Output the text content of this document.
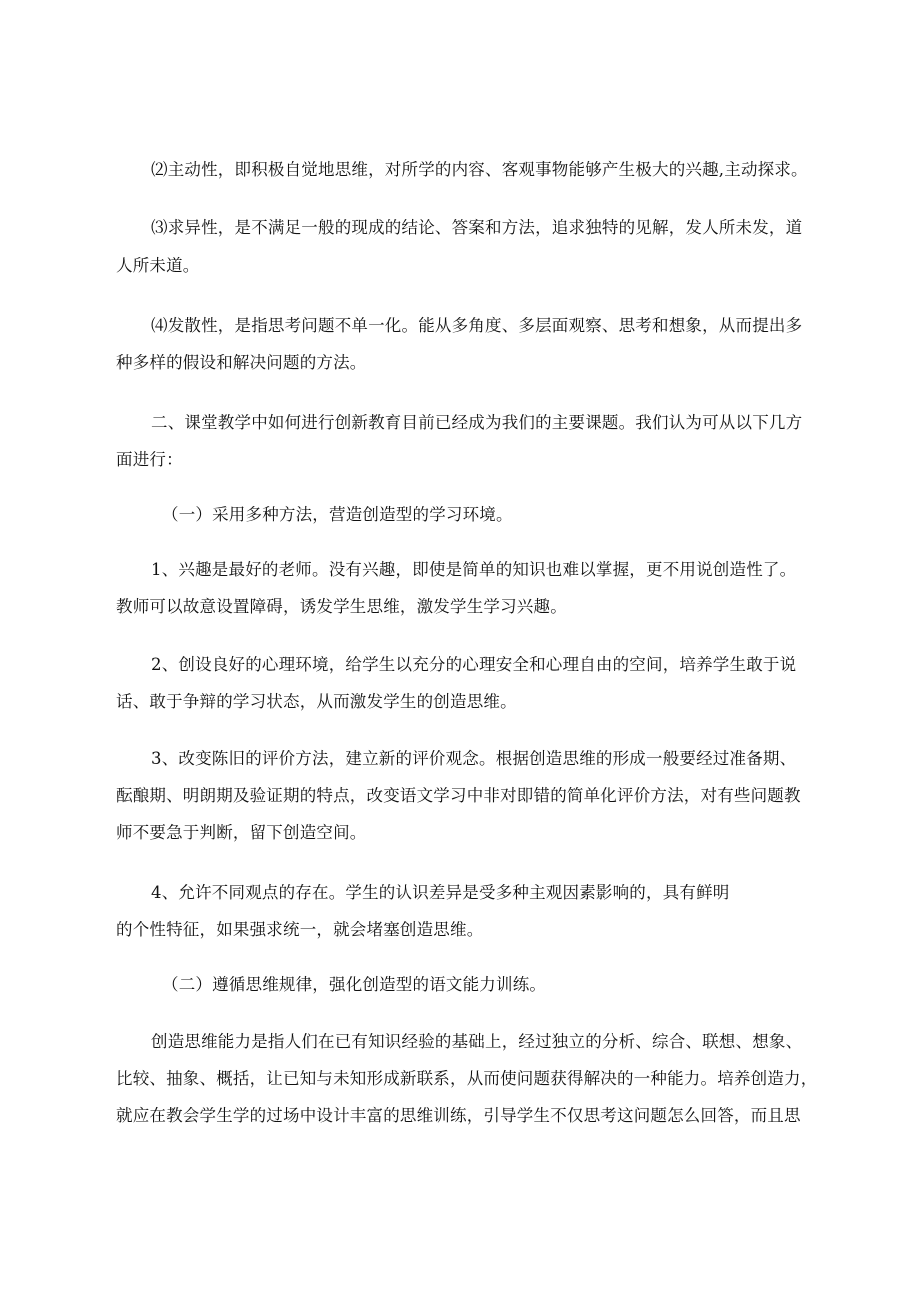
⑵主动性，即积极自觉地思维，对所学的内容、客观事物能够产生极大的兴趣,主动探求。
⑶求异性，是不满足一般的现成的结论、答案和方法，追求独特的见解，发人所未发，道
人所未道。
⑷发散性，是指思考问题不单一化。能从多角度、多层面观察、思考和想象，从而提出多
种多样的假设和解决问题的方法。
二、课堂教学中如何进行创新教育目前已经成为我们的主要课题。我们认为可从以下几方
面进行：
（一）采用多种方法，营造创造型的学习环境。
1、兴趣是最好的老师。没有兴趣，即使是简单的知识也难以掌握，更不用说创造性了。
教师可以故意设置障碍，诱发学生思维，激发学生学习兴趣。
2、创设良好的心理环境，给学生以充分的心理安全和心理自由的空间，培养学生敢于说
话、敢于争辩的学习状态，从而激发学生的创造思维。
3、改变陈旧的评价方法，建立新的评价观念。根据创造思维的形成一般要经过准备期、
酝酿期、明朗期及验证期的特点，改变语文学习中非对即错的简单化评价方法，对有些问题教
师不要急于判断，留下创造空间。
4、允许不同观点的存在。学生的认识差异是受多种主观因素影响的，具有鲜明
的个性特征，如果强求统一，就会堵塞创造思维。
（二）遵循思维规律，强化创造型的语文能力训练。
创造思维能力是指人们在已有知识经验的基础上，经过独立的分析、综合、联想、想象、
比较、抽象、概括，让已知与未知形成新联系，从而使问题获得解决的一种能力。培养创造力，
就应在教会学生学的过场中设计丰富的思维训练，引导学生不仅思考这问题怎么回答，而且思
